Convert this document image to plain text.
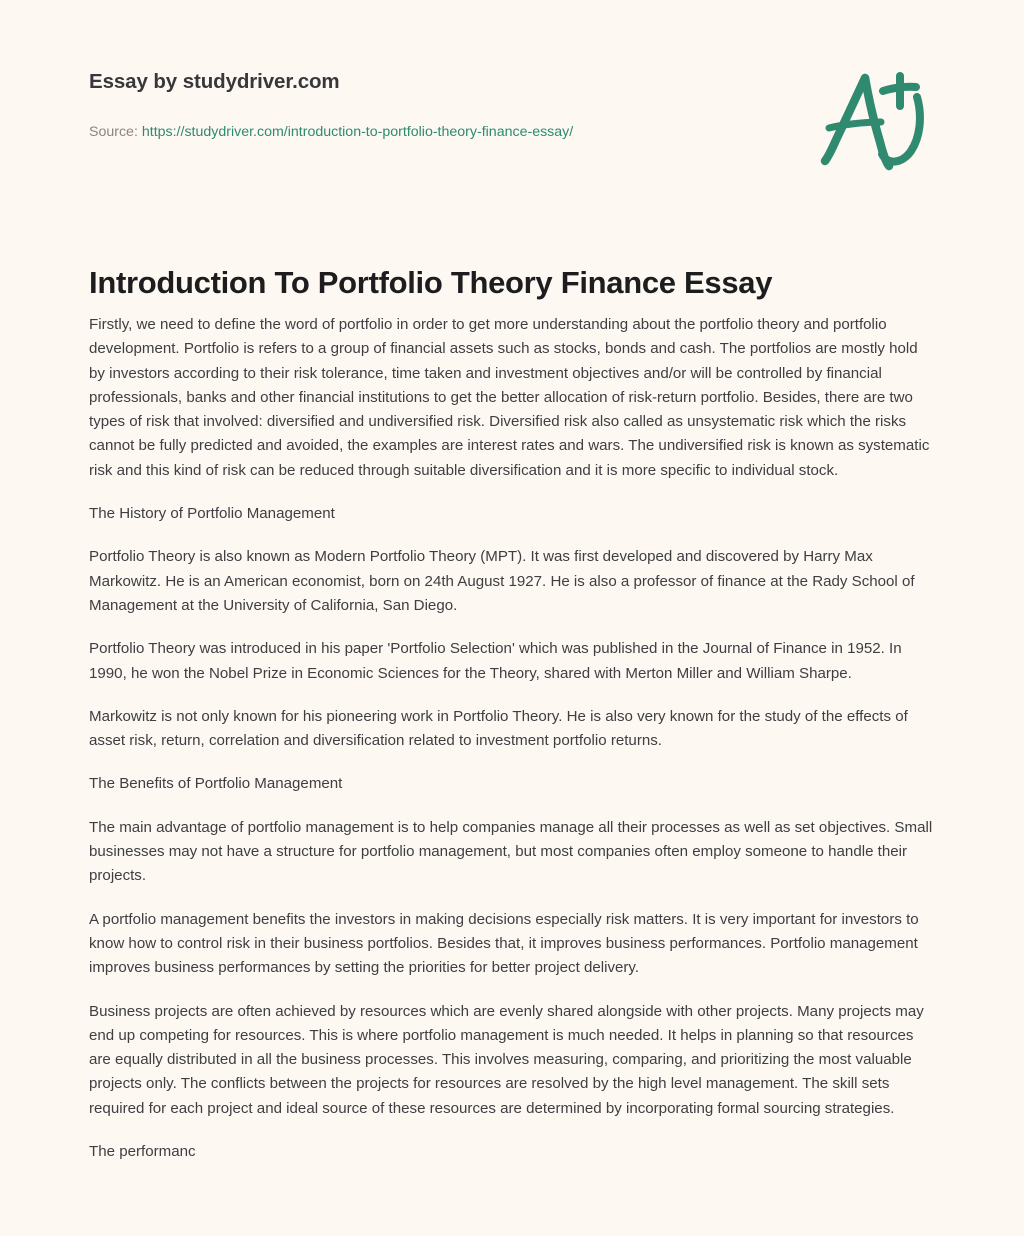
Essay by studydriver.com
Source: https://studydriver.com/introduction-to-portfolio-theory-finance-essay/
Introduction To Portfolio Theory Finance Essay

Firstly, we need to define the word of portfolio in order to get more understanding about the portfolio theory and portfolio development. Portfolio is refers to a group of financial assets such as stocks, bonds and cash. The portfolios are mostly hold by investors according to their risk tolerance, time taken and investment objectives and/or will be controlled by financial professionals, banks and other financial institutions to get the better allocation of risk-return portfolio. Besides, there are two types of risk that involved: diversified and undiversified risk. Diversified risk also called as unsystematic risk which the risks cannot be fully predicted and avoided, the examples are interest rates and wars. The undiversified risk is known as systematic risk and this kind of risk can be reduced through suitable diversification and it is more specific to individual stock.

The History of Portfolio Management

Portfolio Theory is also known as Modern Portfolio Theory (MPT). It was first developed and discovered by Harry Max Markowitz. He is an American economist, born on 24th August 1927. He is also a professor of finance at the Rady School of Management at the University of California, San Diego.

Portfolio Theory was introduced in his paper 'Portfolio Selection' which was published in the Journal of Finance in 1952. In 1990, he won the Nobel Prize in Economic Sciences for the Theory, shared with Merton Miller and William Sharpe.

Markowitz is not only known for his pioneering work in Portfolio Theory. He is also very known for the study of the effects of asset risk, return, correlation and diversification related to investment portfolio returns.

The Benefits of Portfolio Management

The main advantage of portfolio management is to help companies manage all their processes as well as set objectives. Small businesses may not have a structure for portfolio management, but most companies often employ someone to handle their projects.

A portfolio management benefits the investors in making decisions especially risk matters. It is very important for investors to know how to control risk in their business portfolios. Besides that, it improves business performances. Portfolio management improves business performances by setting the priorities for better project delivery.

Business projects are often achieved by resources which are evenly shared alongside with other projects. Many projects may end up competing for resources. This is where portfolio management is much needed. It helps in planning so that resources are equally distributed in all the business processes. This involves measuring, comparing, and prioritizing the most valuable projects only. The conflicts between the projects for resources are resolved by the high level management. The skill sets required for each project and ideal source of these resources are determined by incorporating formal sourcing strategies.

The performanc
